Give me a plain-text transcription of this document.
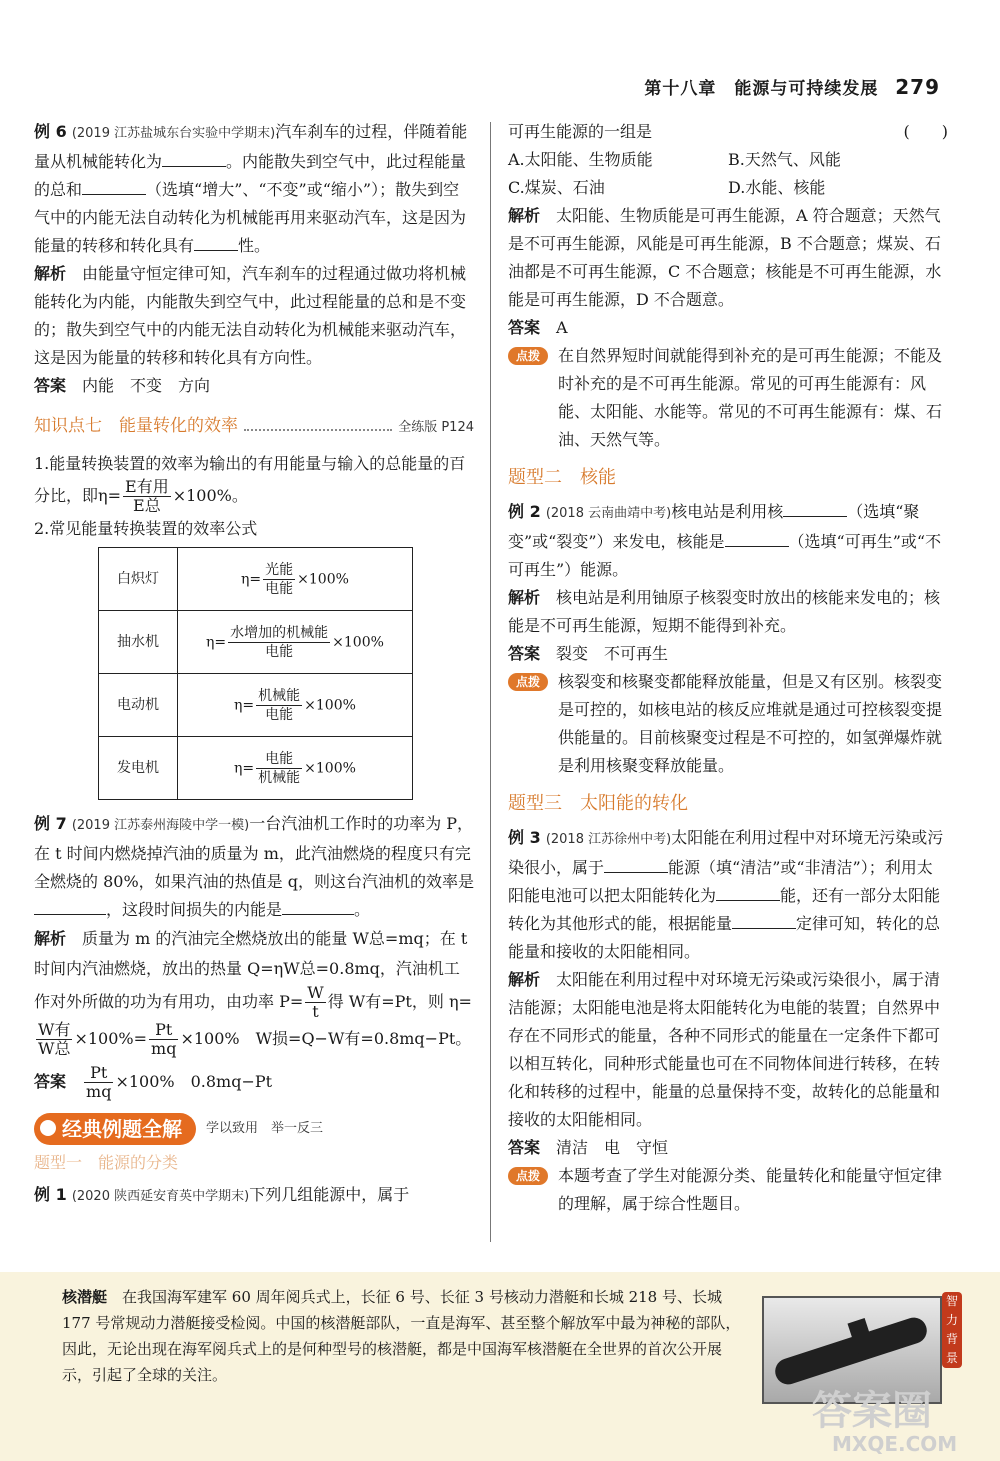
第十八章　能源与可持续发展 279

例 6 (2019 江苏盐城东台实验中学期末)汽车刹车的过程，伴随着能量从机械能转化为	。内能散失到空气中，此过程能量的总和	（选填“增大”、“不变”或“缩小”）；散失到空气中的内能无法自动转化为机械能再用来驱动汽车，这是因为能量的转移和转化具有	性。

解析　 由能量守恒定律可知，汽车刹车的过程通过做功将机械能转化为内能，内能散失到空气中，此过程能量的总和是不变的；散失到空气中的内能无法自动转化为机械能来驱动汽车，这是因为能量的转移和转化具有方向性。

答案　 内能　不变　方向

知识点七　能量转化的效率	全练版 P124

1.能量转换装置的效率为输出的有用能量与输入的总能量的百分比，即$\eta= \frac{\text{E有用}}{\text{E总}} \times 100\%$。

2.常见能量转换装置的效率公式

白炽灯	$\eta= \frac{\text{光能}}{\text{电能}} \times 100\%$
抽水机	$\eta= \frac{\text{水增加的机械能}}{\text{电能}} \times 100\%$
电动机	$\eta= \frac{\text{机械能}}{\text{电能}} \times 100\%$
发电机	$\eta= \frac{\text{电能}}{\text{机械能}} \times 100\%$

例 7 (2019 江苏泰州海陵中学一模)一台汽油机工作时的功率为 P，在 t 时间内燃烧掉汽油的质量为 m，此汽油燃烧的程度只有完全燃烧的 80%，如果汽油的热值是 q，则这台汽油机的效率是，这段时间损失的内能是	。

解析　 质量为 m 的汽油完全燃烧放出的能量 W总=mq；在 t 时间内汽油燃烧，放出的热量 Q=ηW总=0.8mq，汽油机工作对外所做的功为有用功，由功率 $P= \frac{W}{t}$ 得 W有=Pt，则 η=
$\frac{\text{W有}}{\text{W总}} \times 100\%= \frac{Pt}{mq} \times 100\%$　W损=Q−W有=0.8mq−Pt。

答案　 $\frac{Pt}{mq} \times 100\%$　0.8mq−Pt

经典例题全解	学以致用　举一反三
题型一　能源的分类

例 1 (2020 陕西延安育英中学期末)下列几组能源中，属于

可再生能源的一组是	(　　)

A.太阳能、生物质能	B.天然气、风能
C.煤炭、石油	D.水能、核能

解析　 太阳能、生物质能是可再生能源，A 符合题意；天然气是不可再生能源，风能是可再生能源，B 不合题意；煤炭、石油都是不可再生能源，C 不合题意；核能是不可再生能源，水能是可再生能源，D 不合题意。

答案　 A

点拨	在自然界短时间就能得到补充的是可再生能源；不能及时补充的是不可再生能源。常见的可再生能源有：风能、太阳能、水能等。常见的不可再生能源有：煤、石油、天然气等。
题型二 核能

例 2 (2018 云南曲靖中考)核电站是利用核	（选填“聚变”或“裂变”）来发电，核能是	（选填“可再生”或“不可再生”）能源。

解析　 核电站是利用铀原子核裂变时放出的核能来发电的；核能是不可再生能源，短期不能得到补充。

答案　 裂变　不可再生

点拨	核裂变和核聚变都能释放能量，但是又有区别。核裂变是可控的，如核电站的核反应堆就是通过可控核裂变提供能量的。目前核聚变过程是不可控的，如氢弹爆炸就是利用核聚变释放能量。
题型三 太阳能的转化

例 3 (2018 江苏徐州中考)太阳能在利用过程中对环境无污染或污染很小，属于	能源（填“清洁”或“非清洁”）；利用太阳能电池可以把太阳能转化为	能，还有一部分太阳能转化为其他形式的能，根据能量	定律可知，转化的总能量和接收的太阳能相同。

解析　 太阳能在利用过程中对环境无污染或污染很小，属于清洁能源；太阳能电池是将太阳能转化为电能的装置；自然界中存在不同形式的能量，各种不同形式的能量在一定条件下都可以相互转化，同种形式能量也可在不同物体间进行转移，在转化和转移的过程中，能量的总量保持不变，故转化的总能量和接收的太阳能相同。

答案　 清洁　电　守恒

点拨	本题考查了学生对能源分类、能量转化和能量守恒定律的理解，属于综合性题目。
核潜艇　 在我国海军建军 60 周年阅兵式上，长征 6 号、长征 3 号核动力潜艇和长城 218 号、长城 177 号常规动力潜艇接受检阅。中国的核潜艇部队，一直是海军、甚至整个解放军中最为神秘的部队，因此，无论出现在海军阅兵式上的是何种型号的核潜艇，都是中国海军核潜艇在全世界的首次公开展示，引起了全球的关注。
智力背景
答案圈
MXQE.COM
